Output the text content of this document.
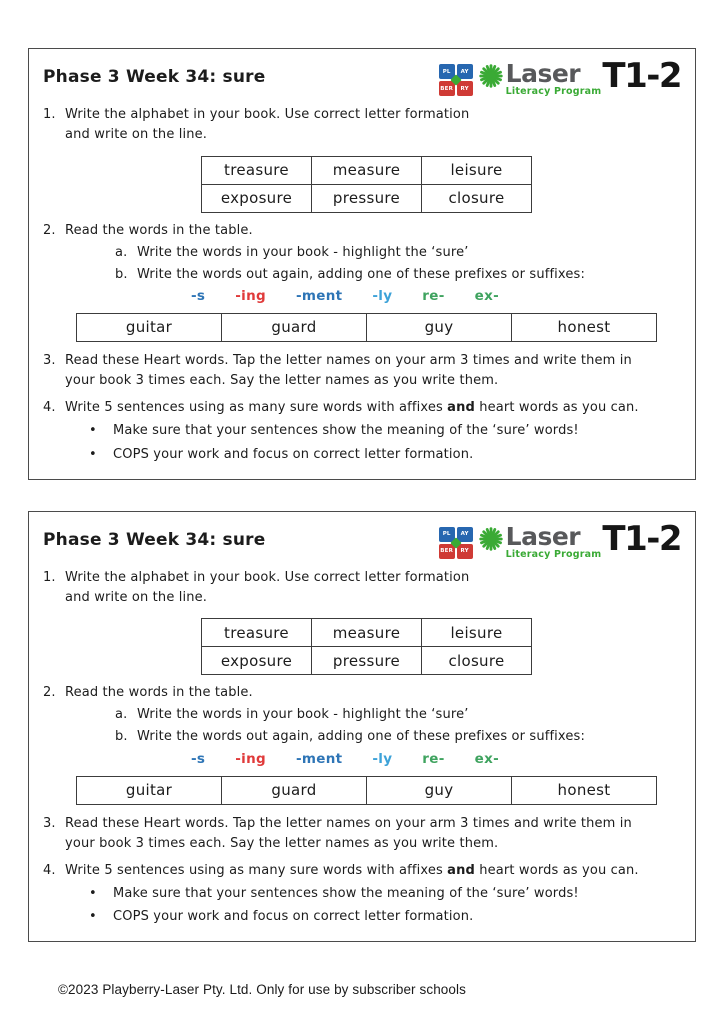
Phase 3 Week 34: sure	PL	AY
BER	RY
Laser
Literacy Program T1-2
1. Write the alphabet in your book. Use correct letter formation
and write on the line.
treasure	measure	leisure
exposure	pressure	closure
2. Read the words in the table.
a. Write the words in your book - highlight the ‘sure’
b. Write the words out again, adding one of these prefixes or suffixes:
-s -ing -ment -ly re- ex-
guitar	guard	guy	honest
3. Read these Heart words. Tap the letter names on your arm 3 times and write them in
your book 3 times each. Say the letter names as you write them.
4. Write 5 sentences using as many sure words with affixes and heart words as you can.
•	Make sure that your sentences show the meaning of the ‘sure’ words!
•	COPS your work and focus on correct letter formation.
Phase 3 Week 34: sure	PL	AY
BER	RY
Laser
Literacy Program T1-2
1. Write the alphabet in your book. Use correct letter formation
and write on the line.
treasure	measure	leisure
exposure	pressure	closure
2. Read the words in the table.
a. Write the words in your book - highlight the ‘sure’
b. Write the words out again, adding one of these prefixes or suffixes:
-s -ing -ment -ly re- ex-
guitar	guard	guy	honest
3. Read these Heart words. Tap the letter names on your arm 3 times and write them in
your book 3 times each. Say the letter names as you write them.
4. Write 5 sentences using as many sure words with affixes and heart words as you can.
•	Make sure that your sentences show the meaning of the ‘sure’ words!
•	COPS your work and focus on correct letter formation.
©2023 Playberry-Laser Pty. Ltd. Only for use by subscriber schools
